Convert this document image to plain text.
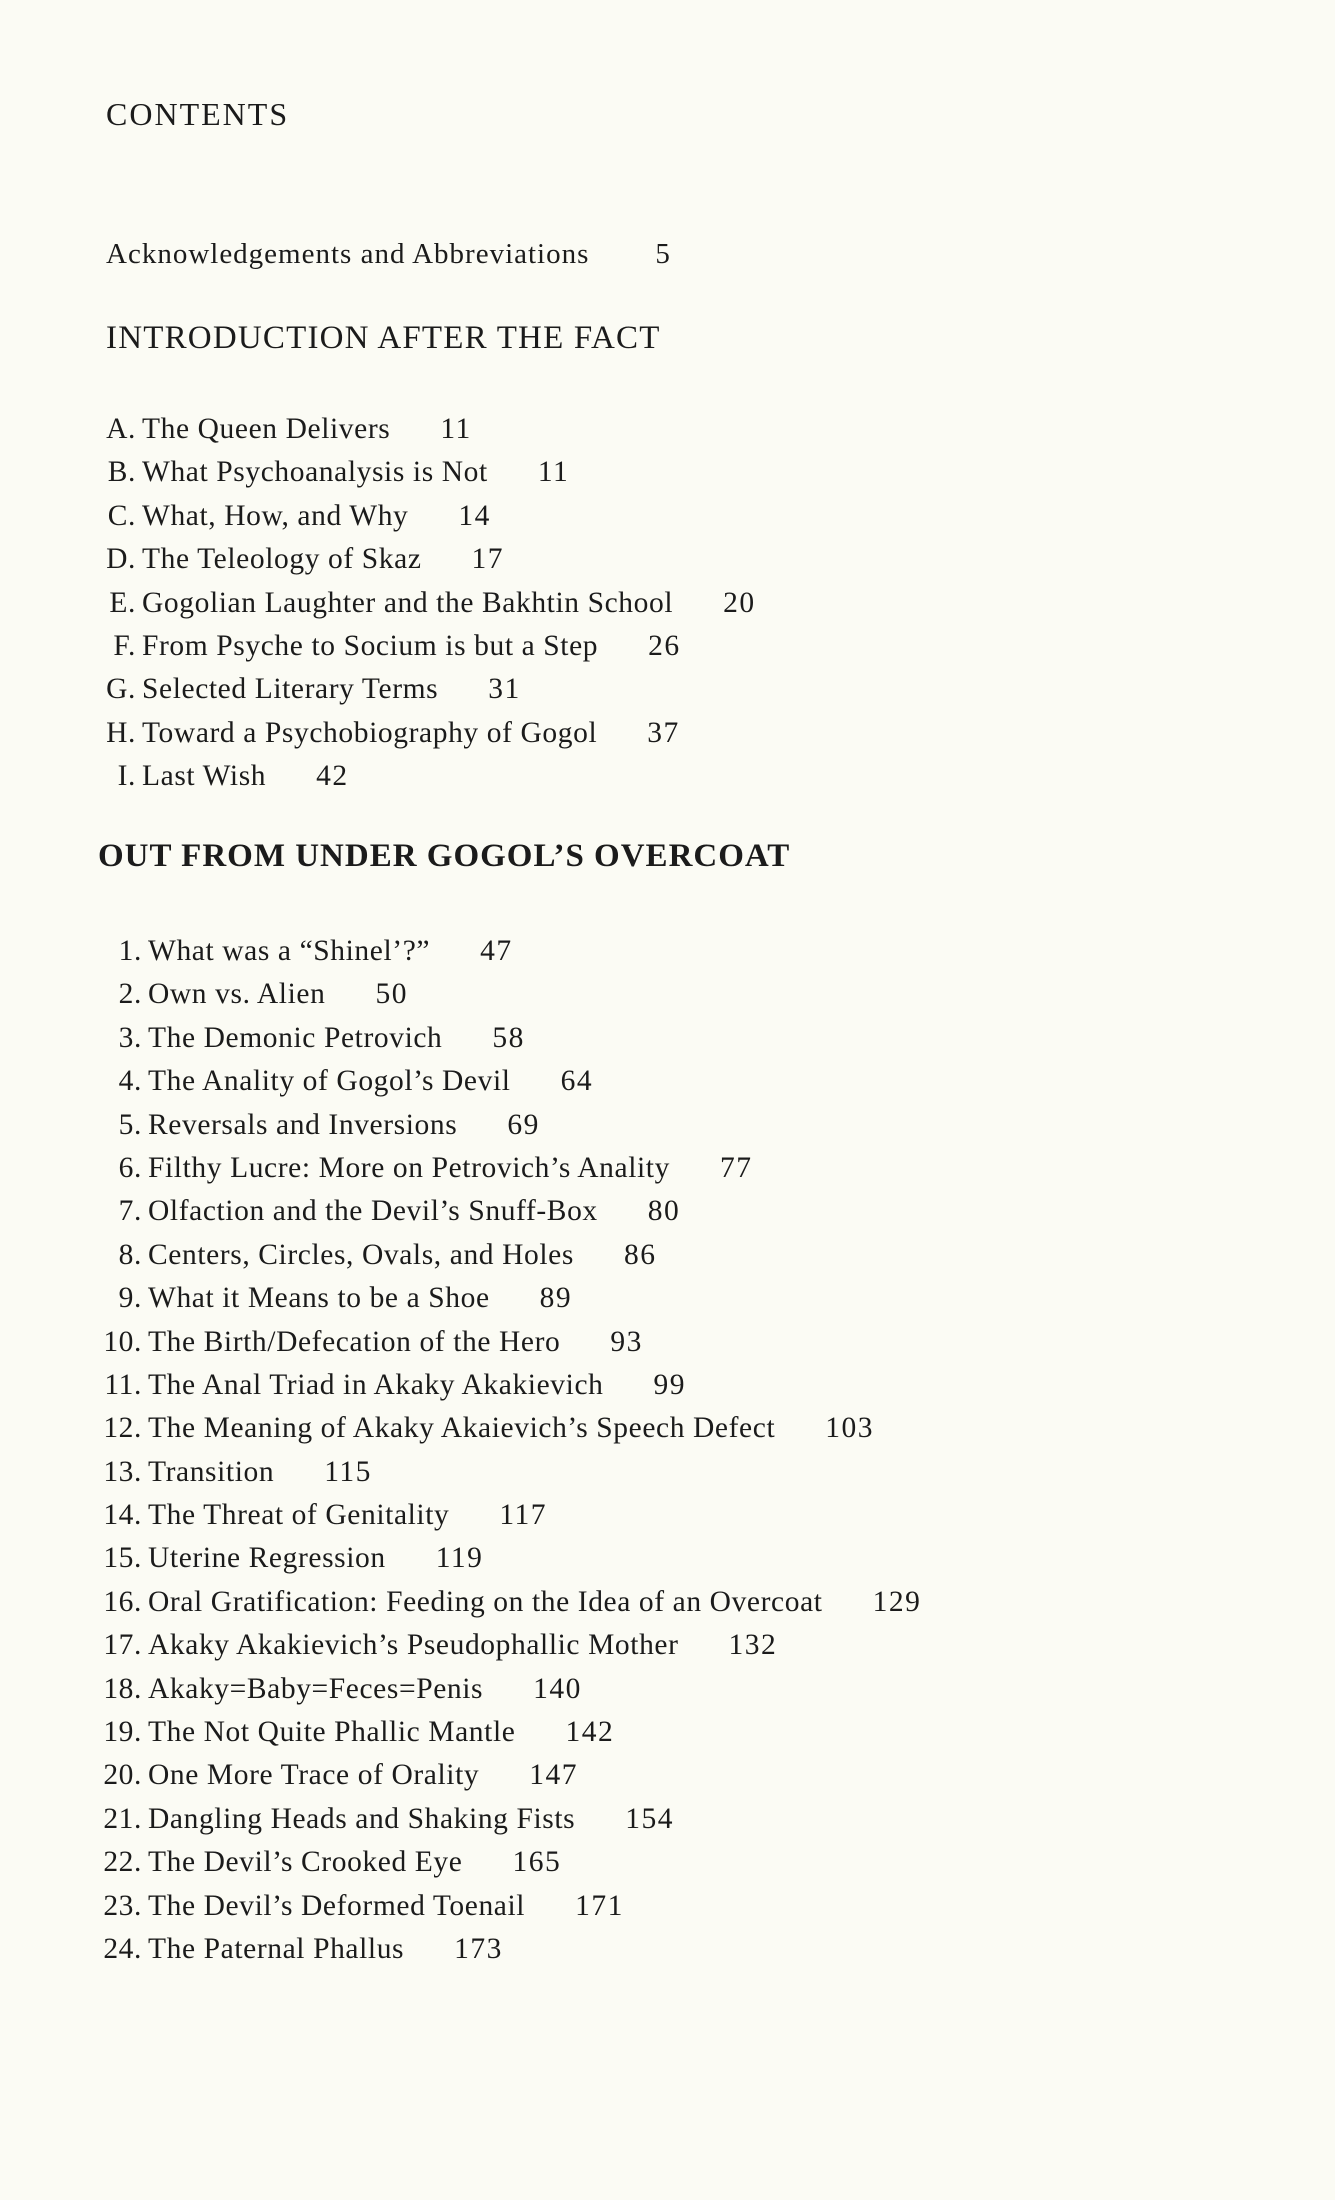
CONTENTS
Acknowledgements and Abbreviations 5
INTRODUCTION AFTER THE FACT
A. The Queen Delivers 11
B. What Psychoanalysis is Not 11
C. What, How, and Why 14
D. The Teleology of Skaz 17
E. Gogolian Laughter and the Bakhtin School 20
F. From Psyche to Socium is but a Step 26
G. Selected Literary Terms 31
H. Toward a Psychobiography of Gogol 37
I. Last Wish 42
OUT FROM UNDER GOGOL’S OVERCOAT
1. What was a “Shinel’?” 47
2. Own vs. Alien 50
3. The Demonic Petrovich 58
4. The Anality of Gogol’s Devil 64
5. Reversals and Inversions 69
6. Filthy Lucre: More on Petrovich’s Anality 77
7. Olfaction and the Devil’s Snuff-Box 80
8. Centers, Circles, Ovals, and Holes 86
9. What it Means to be a Shoe 89
10. The Birth/Defecation of the Hero 93
11. The Anal Triad in Akaky Akakievich 99
12. The Meaning of Akaky Akaievich’s Speech Defect 103
13. Transition 115
14. The Threat of Genitality 117
15. Uterine Regression 119
16. Oral Gratification: Feeding on the Idea of an Overcoat 129
17. Akaky Akakievich’s Pseudophallic Mother 132
18. Akaky=Baby=Feces=Penis 140
19. The Not Quite Phallic Mantle 142
20. One More Trace of Orality 147
21. Dangling Heads and Shaking Fists 154
22. The Devil’s Crooked Eye 165
23. The Devil’s Deformed Toenail 171
24. The Paternal Phallus 173
